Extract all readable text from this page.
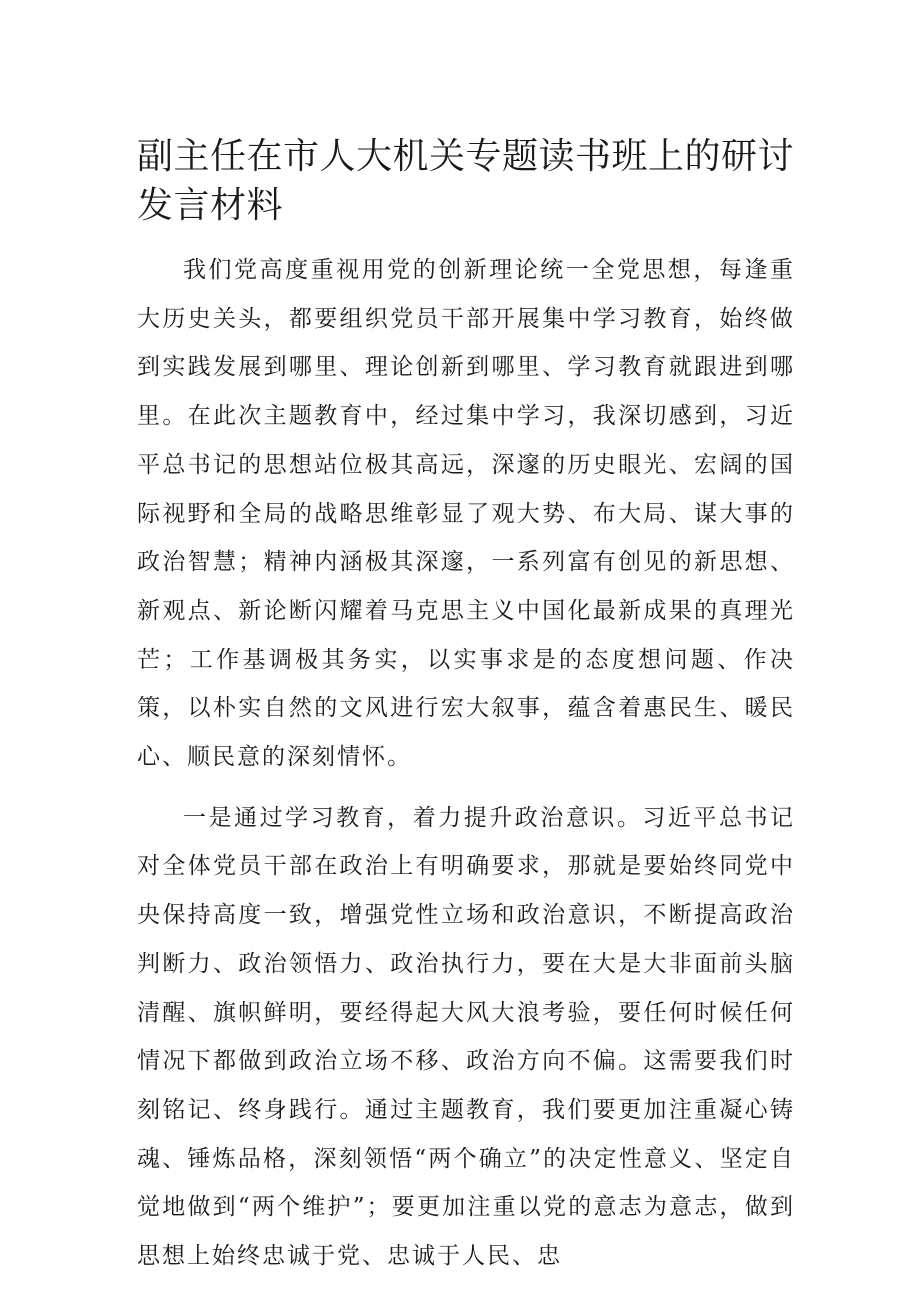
副主任在市人大机关专题读书班上的研讨发言材料

我们党高度重视用党的创新理论统一全党思想，每逢重大历史关头，都要组织党员干部开展集中学习教育，始终做到实践发展到哪里、理论创新到哪里、学习教育就跟进到哪里。在此次主题教育中，经过集中学习，我深切感到，习近平总书记的思想站位极其高远，深邃的历史眼光、宏阔的国际视野和全局的战略思维彰显了观大势、布大局、谋大事的政治智慧；精神内涵极其深邃，一系列富有创见的新思想、新观点、新论断闪耀着马克思主义中国化最新成果的真理光芒；工作基调极其务实，以实事求是的态度想问题、作决策，以朴实自然的文风进行宏大叙事，蕴含着惠民生、暖民心、顺民意的深刻情怀。

一是通过学习教育，着力提升政治意识。习近平总书记对全体党员干部在政治上有明确要求，那就是要始终同党中央保持高度一致，增强党性立场和政治意识，不断提高政治判断力、政治领悟力、政治执行力，要在大是大非面前头脑清醒、旗帜鲜明，要经得起大风大浪考验，要任何时候任何情况下都做到政治立场不移、政治方向不偏。这需要我们时刻铭记、终身践行。通过主题教育，我们要更加注重凝心铸魂、锤炼品格，深刻领悟“两个确立”的决定性意义、坚定自觉地做到“两个维护”；要更加注重以党的意志为意志，做到思想上始终忠诚于党、忠诚于人民、忠
